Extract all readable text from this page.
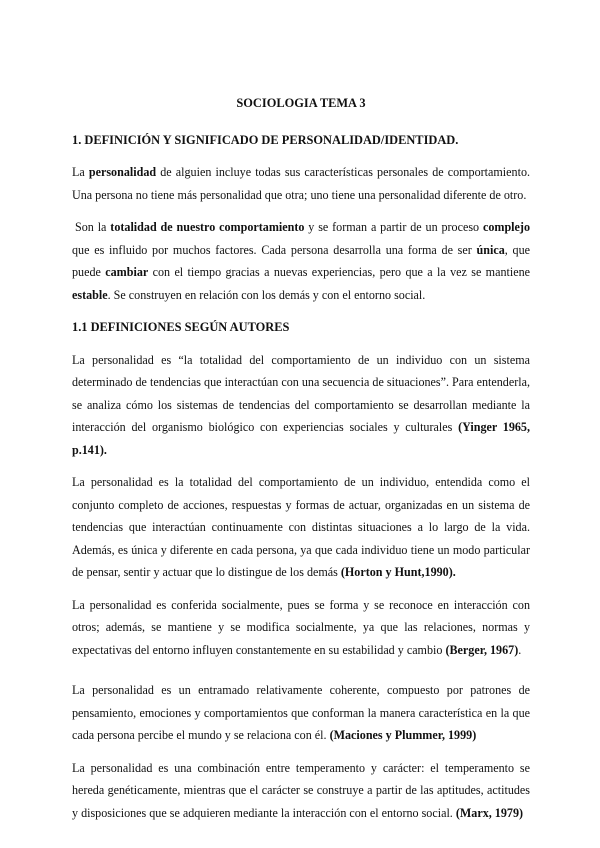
SOCIOLOGIA TEMA 3
1. DEFINICIÓN Y SIGNIFICADO DE PERSONALIDAD/IDENTIDAD.

La personalidad de alguien incluye todas sus características personales de comportamiento. Una persona no tiene más personalidad que otra; uno tiene una personalidad diferente de otro.

Son la totalidad de nuestro comportamiento y se forman a partir de un proceso complejo que es influido por muchos factores. Cada persona desarrolla una forma de ser única, que puede cambiar con el tiempo gracias a nuevas experiencias, pero que a la vez se mantiene estable. Se construyen en relación con los demás y con el entorno social.

1.1 DEFINICIONES SEGÚN AUTORES

La personalidad es “la totalidad del comportamiento de un individuo con un sistema determinado de tendencias que interactúan con una secuencia de situaciones”. Para entenderla, se analiza cómo los sistemas de tendencias del comportamiento se desarrollan mediante la interacción del organismo biológico con experiencias sociales y culturales (Yinger 1965, p.141).

La personalidad es la totalidad del comportamiento de un individuo, entendida como el conjunto completo de acciones, respuestas y formas de actuar, organizadas en un sistema de tendencias que interactúan continuamente con distintas situaciones a lo largo de la vida. Además, es única y diferente en cada persona, ya que cada individuo tiene un modo particular de pensar, sentir y actuar que lo distingue de los demás (Horton y Hunt,1990).

La personalidad es conferida socialmente, pues se forma y se reconoce en interacción con otros; además, se mantiene y se modifica socialmente, ya que las relaciones, normas y expectativas del entorno influyen constantemente en su estabilidad y cambio (Berger, 1967).

La personalidad es un entramado relativamente coherente, compuesto por patrones de pensamiento, emociones y comportamientos que conforman la manera característica en la que cada persona percibe el mundo y se relaciona con él. (Maciones y Plummer, 1999)

La personalidad es una combinación entre temperamento y carácter: el temperamento se hereda genéticamente, mientras que el carácter se construye a partir de las aptitudes, actitudes y disposiciones que se adquieren mediante la interacción con el entorno social. (Marx, 1979)
